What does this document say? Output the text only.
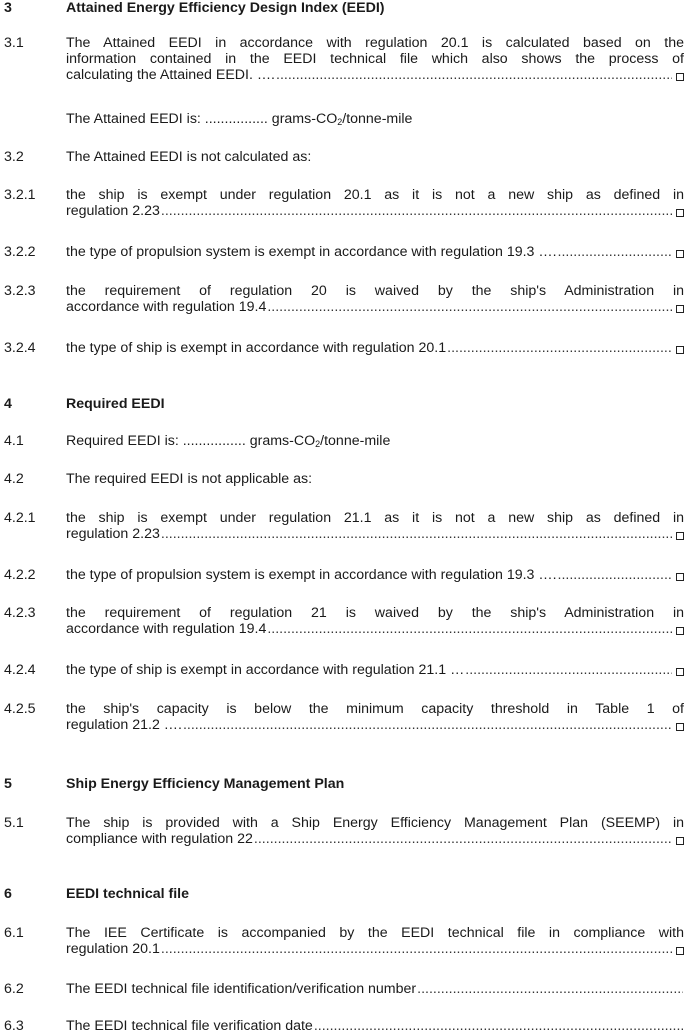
3	Attained Energy Efficiency Design Index (EEDI)
3.1	The Attained EEDI in accordance with regulation 20.1 is calculated based on the
information contained in the EEDI technical file which also shows the process of
calculating the Attained EEDI. ….
.....
The Attained EEDI is: ................ grams-$CO_2/tonne$-mile
3.2	The Attained EEDI is not calculated as:
3.2.1 the ship is exempt under regulation 20.1 as it is not a new ship as defined in
regulation 2.23
.....
3.2.2 the type of propulsion system is exempt in accordance with regulation 19.3 ….
.....
3.2.3 the requirement of regulation 20 is waived by the ship's Administration in
accordance with regulation 19.4
.....
3.2.4 the type of ship is exempt in accordance with regulation 20.1
.....
4	Required EEDI
4.1	Required EEDI is: ................ grams-$CO_2/tonne$-mile
4.2	The required EEDI is not applicable as:
4.2.1 the ship is exempt under regulation 21.1 as it is not a new ship as defined in
regulation 2.23
.....
4.2.2 the type of propulsion system is exempt in accordance with regulation 19.3 ….
.....
4.2.3 the requirement of regulation 21 is waived by the ship's Administration in
accordance with regulation 19.4
.....
4.2.4 the type of ship is exempt in accordance with regulation 21.1 …
.....
4.2.5 the ship's capacity is below the minimum capacity threshold in Table 1 of
regulation 21.2 ….
.....
5	Ship Energy Efficiency Management Plan
5.1	The ship is provided with a Ship Energy Efficiency Management Plan (SEEMP) in
compliance with regulation 22
.....
6	EEDI technical file
6.1	The IEE Certificate is accompanied by the EEDI technical file in compliance with
regulation 20.1
.....
6.2	The EEDI technical file identification/verification number
.....
6.3	The EEDI technical file verification date
.....
